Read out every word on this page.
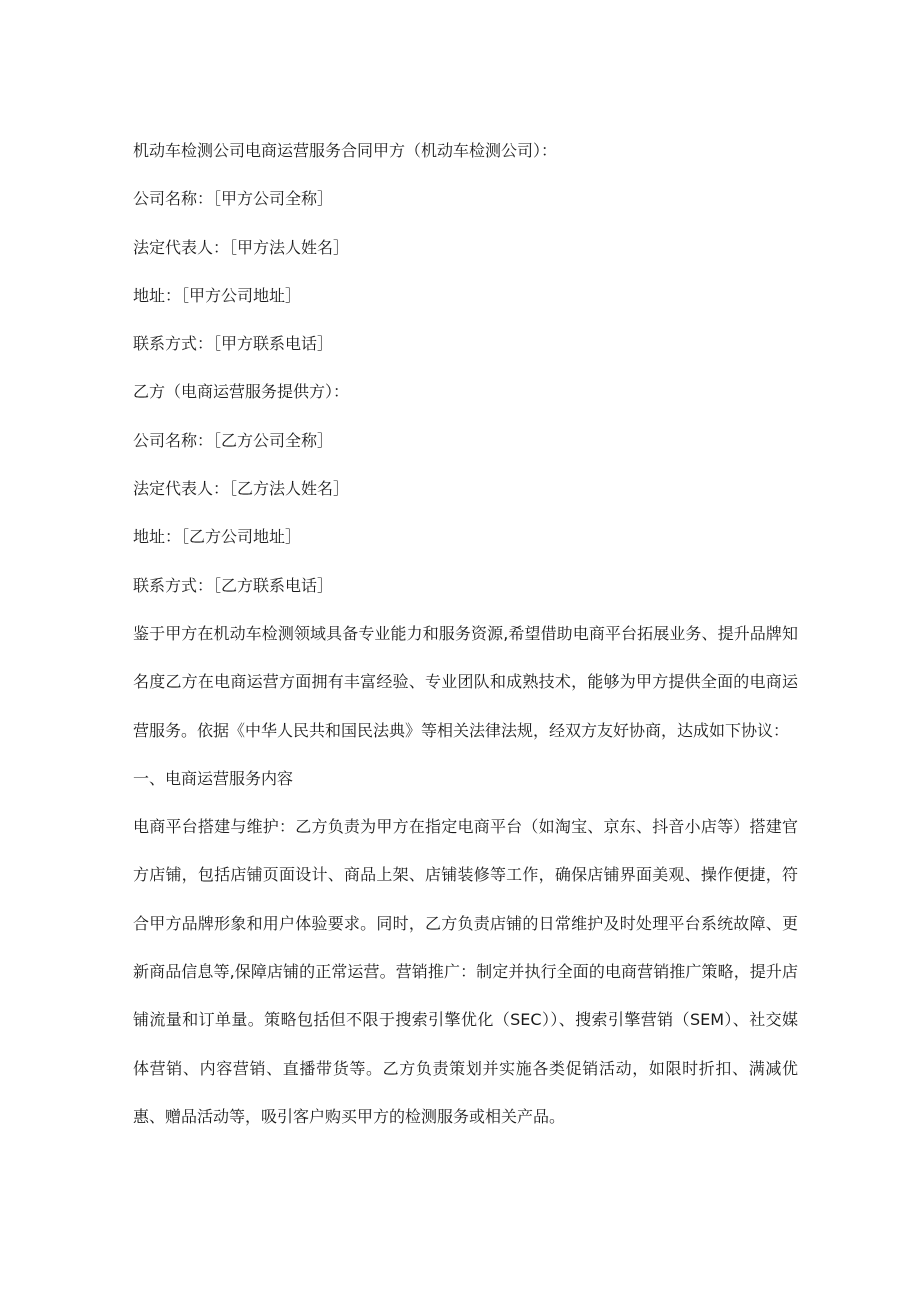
机动车检测公司电商运营服务合同甲方（机动车检测公司）：

公司名称：［甲方公司全称］

法定代表人：［甲方法人姓名］

地址：［甲方公司地址］

联系方式：［甲方联系电话］

乙方（电商运营服务提供方）：

公司名称：［乙方公司全称］

法定代表人：［乙方法人姓名］

地址：［乙方公司地址］

联系方式：［乙方联系电话］

鉴于甲方在机动车检测领域具备专业能力和服务资源,希望借助电商平台拓展业务、提升品牌知名度乙方在电商运营方面拥有丰富经验、专业团队和成熟技术，能够为甲方提供全面的电商运营服务。依据《中华人民共和国民法典》等相关法律法规，经双方友好协商，达成如下协议：

一、电商运营服务内容

电商平台搭建与维护：乙方负责为甲方在指定电商平台（如淘宝、京东、抖音小店等）搭建官方店铺，包括店铺页面设计、商品上架、店铺装修等工作，确保店铺界面美观、操作便捷，符合甲方品牌形象和用户体验要求。同时，乙方负责店铺的日常维护及时处理平台系统故障、更新商品信息等,保障店铺的正常运营。营销推广：制定并执行全面的电商营销推广策略，提升店铺流量和订单量。策略包括但不限于搜索引擎优化（SEC））、搜索引擎营销（SEM）、社交媒体营销、内容营销、直播带货等。乙方负责策划并实施各类促销活动，如限时折扣、满减优惠、赠品活动等，吸引客户购买甲方的检测服务或相关产品。
